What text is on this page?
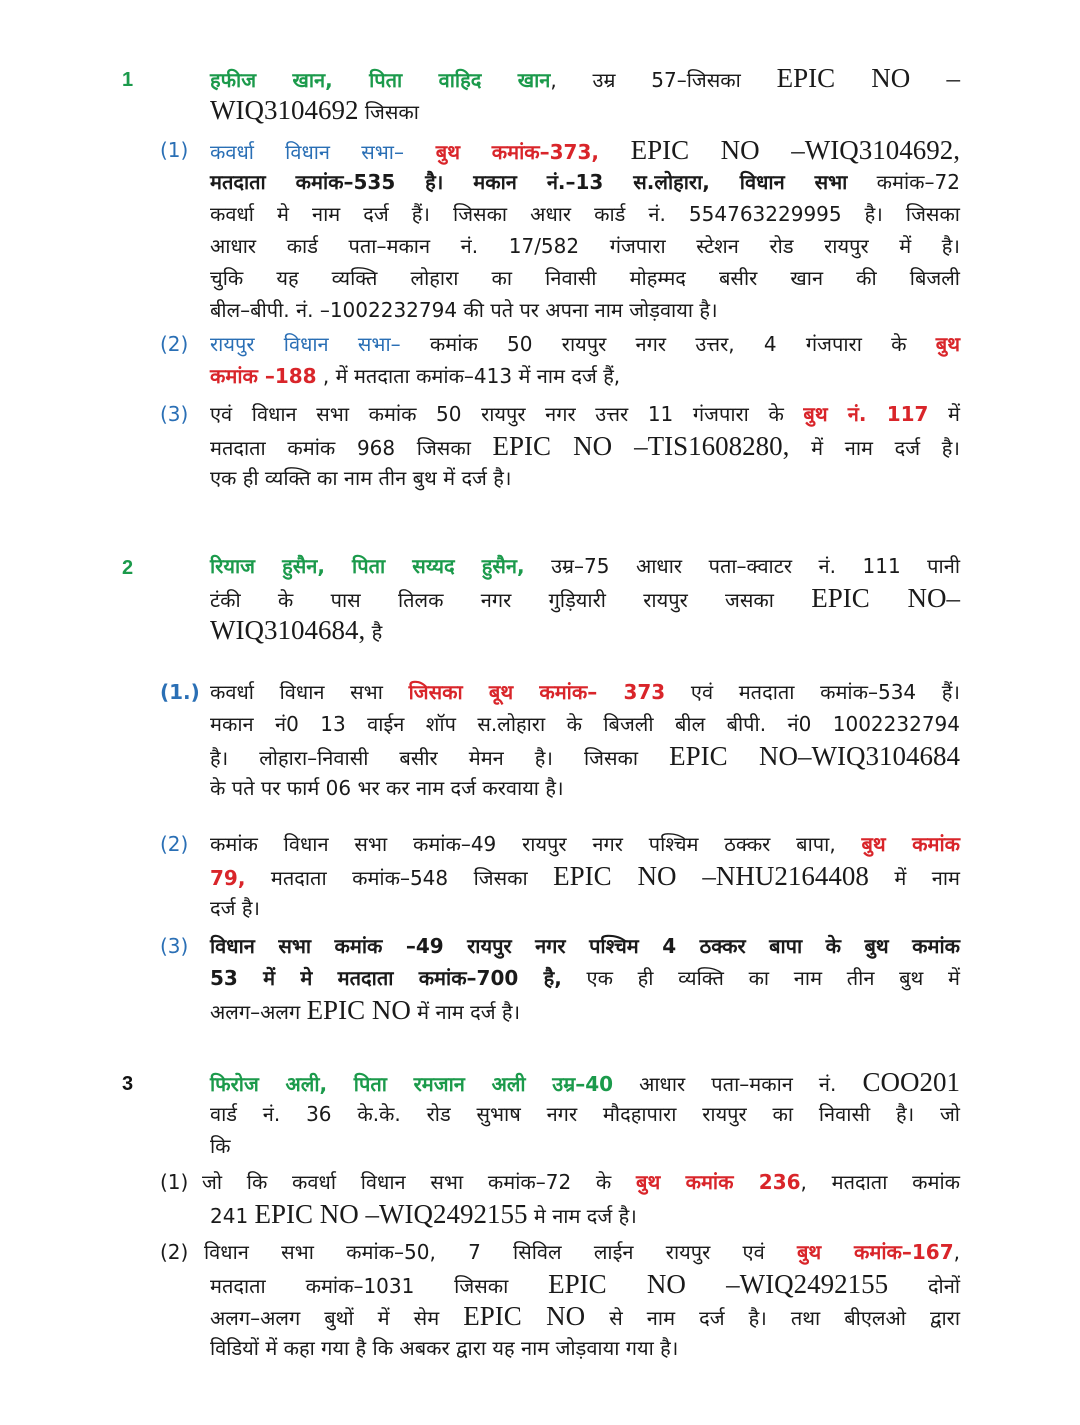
1	हफीज खान, पिता वाहिद खान, उम्र 57–जिसका EPIC NO –
WIQ3104692 जिसका
(1) कवर्धा विधान सभा– बुथ कमांक–373, EPIC NO –WIQ3104692,
मतदाता कमांक–535 है। मकान नं.–13 स.लोहारा, विधान सभा कमांक–72
कवर्धा मे नाम दर्ज हैं। जिसका अधार कार्ड नं. 554763229995 है। जिसका
आधार कार्ड पता–मकान नं. 17/582 गंजपारा स्टेशन रोड रायपुर में है।
चुकि यह व्यक्ति लोहारा का निवासी मोहम्मद बसीर खान की बिजली
बील–बीपी. नं. –1002232794 की पते पर अपना नाम जोड़वाया है।
(2) रायपुर विधान सभा– कमांक 50 रायपुर नगर उत्तर, 4 गंजपारा के बुथ
कमांक –188 , में मतदाता कमांक–413 में नाम दर्ज हैं,
(3) एवं विधान सभा कमांक 50 रायपुर नगर उत्तर 11 गंजपारा के बुथ नं. 117 में
मतदाता कमांक 968 जिसका EPIC NO –TIS1608280, में नाम दर्ज है।
एक ही व्यक्ति का नाम तीन बुथ में दर्ज है।
2	रियाज हुसैन, पिता सय्यद हुसैन, उम्र–75 आधार पता–क्वाटर नं. 111 पानी
टंकी के पास तिलक नगर गुड़ियारी रायपुर जसका EPIC NO–
WIQ3104684, है
(1.) कवर्धा विधान सभा जिसका बूथ कमांक– 373 एवं मतदाता कमांक–534 हैं।
मकान नं0 13 वाईन शॉप स.लोहारा के बिजली बील बीपी. नं0 1002232794
है। लोहारा–निवासी बसीर मेमन है। जिसका EPIC NO–WIQ3104684
के पते पर फार्म 06 भर कर नाम दर्ज करवाया है।
(2) कमांक विधान सभा कमांक–49 रायपुर नगर पश्चिम ठक्कर बापा, बुथ कमांक
79, मतदाता कमांक–548 जिसका EPIC NO –NHU2164408 में नाम
दर्ज है।
(3) विधान सभा कमांक –49 रायपुर नगर पश्चिम 4 ठक्कर बापा के बुथ कमांक
53 में मे मतदाता कमांक–700 है, एक ही व्यक्ति का नाम तीन बुथ में
अलग–अलग EPIC NO में नाम दर्ज है।
3	फिरोज अली, पिता रमजान अली उम्र–40 आधार पता–मकान नं. COO201
वार्ड नं. 36 के.के. रोड सुभाष नगर मौदहापारा रायपुर का निवासी है। जो
कि
(1) जो कि कवर्धा विधान सभा कमांक–72 के बुथ कमांक 236, मतदाता कमांक
241 EPIC NO –WIQ2492155 मे नाम दर्ज है।
(2) विधान सभा कमांक–50, 7 सिविल लाईन रायपुर एवं बुथ कमांक–167,
मतदाता कमांक–1031 जिसका EPIC NO –WIQ2492155 दोनों
अलग–अलग बुथों में सेम EPIC NO से नाम दर्ज है। तथा बीएलओ द्वारा
विडियों में कहा गया है कि अबकर द्वारा यह नाम जोड़वाया गया है।
